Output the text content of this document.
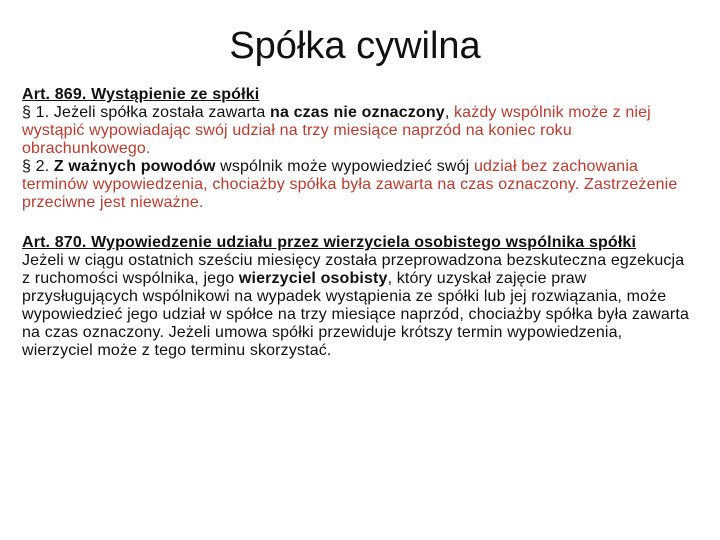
Spółka cywilna

Art. 869. Wystąpienie ze spółki

§ 1. Jeżeli spółka została zawarta na czas nie oznaczony, każdy wspólnik może z niej wystąpić wypowiadając swój udział na trzy miesiące naprzód na koniec roku obrachunkowego.

§ 2. Z ważnych powodów wspólnik może wypowiedzieć swój udział bez zachowania terminów wypowiedzenia, chociażby spółka była zawarta na czas oznaczony. Zastrzeżenie przeciwne jest nieważne.

Art. 870. Wypowiedzenie udziału przez wierzyciela osobistego wspólnika spółki

Jeżeli w ciągu ostatnich sześciu miesięcy została przeprowadzona bezskuteczna egzekucja z ruchomości wspólnika, jego wierzyciel osobisty, który uzyskał zajęcie praw przysługujących wspólnikowi na wypadek wystąpienia ze spółki lub jej rozwiązania, może wypowiedzieć jego udział w spółce na trzy miesiące naprzód, chociażby spółka była zawarta na czas oznaczony. Jeżeli umowa spółki przewiduje krótszy termin wypowiedzenia, wierzyciel może z tego terminu skorzystać.
